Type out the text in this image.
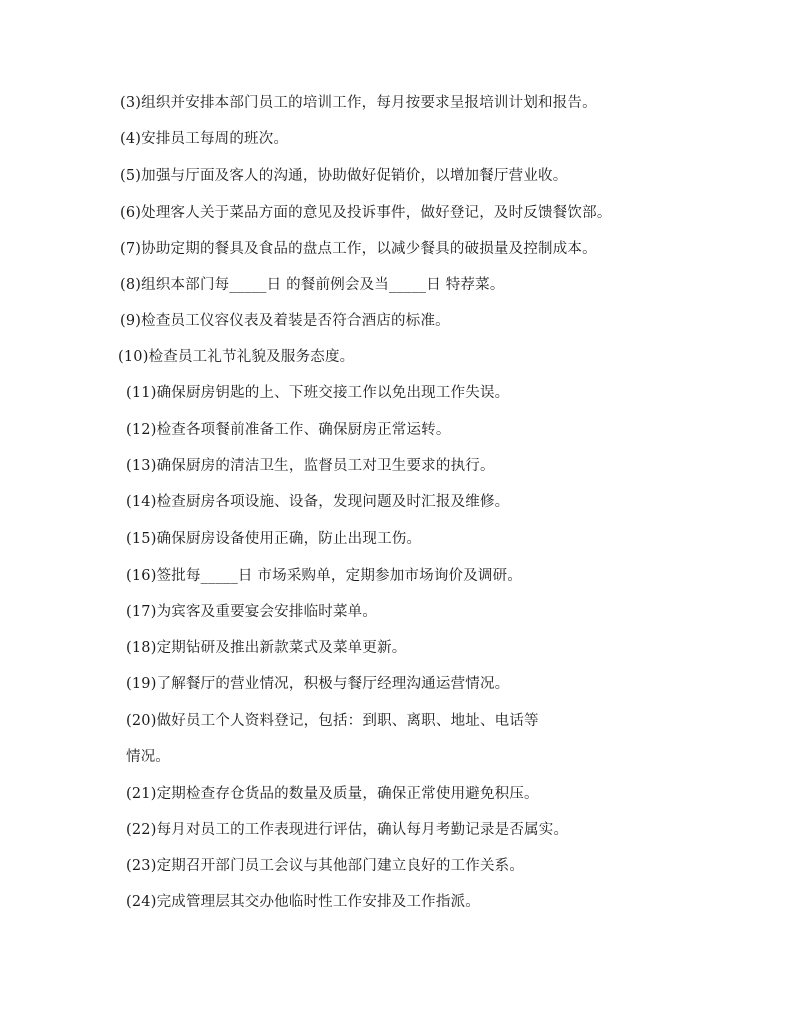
(3)组织并安排本部门员工的培训工作，每月按要求呈报培训计划和报告。
(4)安排员工每周的班次。
(5)加强与厅面及客人的沟通，协助做好促销价，以增加餐厅营业收。
(6)处理客人关于菜品方面的意见及投诉事件，做好登记，及时反馈餐饮部。
(7)协助定期的餐具及食品的盘点工作，以减少餐具的破损量及控制成本。
(8)组织本部门每_____日 的餐前例会及当_____日 特荐菜。
(9)检查员工仪容仪表及着装是否符合酒店的标准。
(10)检查员工礼节礼貌及服务态度。
(11)确保厨房钥匙的上、下班交接工作以免出现工作失误。
(12)检查各项餐前准备工作、确保厨房正常运转。
(13)确保厨房的清洁卫生，监督员工对卫生要求的执行。
(14)检查厨房各项设施、设备，发现问题及时汇报及维修。
(15)确保厨房设备使用正确，防止出现工伤。
(16)签批每_____日 市场采购单，定期参加市场询价及调研。
(17)为宾客及重要宴会安排临时菜单。
(18)定期钻研及推出新款菜式及菜单更新。
(19)了解餐厅的营业情况，积极与餐厅经理沟通运营情况。
(20)做好员工个人资料登记，包括：到职、离职、地址、电话等
情况。
(21)定期检查存仓货品的数量及质量，确保正常使用避免积压。
(22)每月对员工的工作表现进行评估，确认每月考勤记录是否属实。
(23)定期召开部门员工会议与其他部门建立良好的工作关系。
(24)完成管理层其交办他临时性工作安排及工作指派。
